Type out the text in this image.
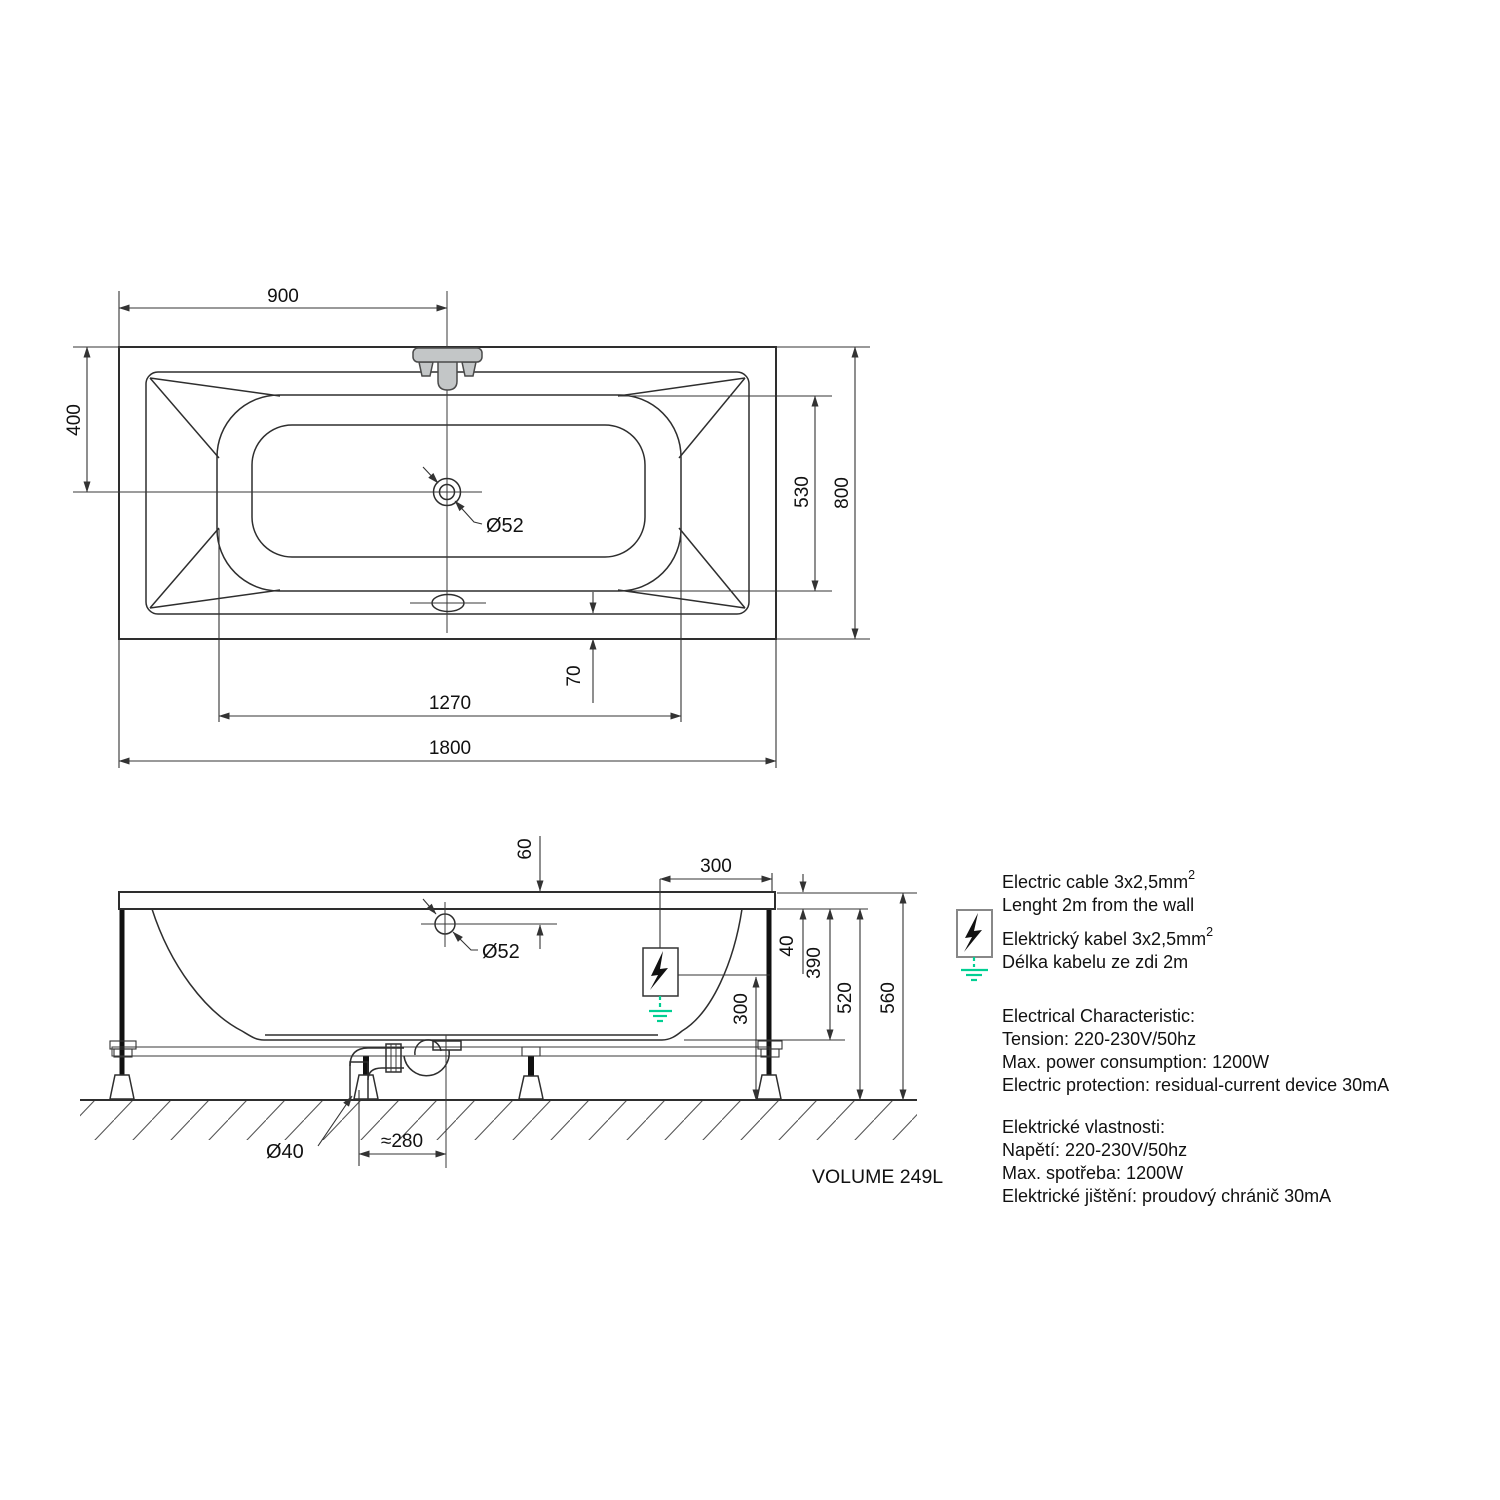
Ø52
900
400
530 800
70
1270
1800
Ø52
60
300
40
390
520 560
300
≈280
Ø40
VOLUME 249L
Electric cable $3x2,5mm^2$
Lenght 2m from the wall
Elektrický kabel $3x2,5mm^2$
Délka kabelu ze zdi 2m
Electrical Characteristic:
Tension: 220-230V/50hz
Max. power consumption: 1200W
Electric protection: residual-current device 30mA
Elektrické vlastnosti:
Napětí: 220-230V/50hz
Max. spotřeba: 1200W
Elektrické jištění: proudový chránič 30mA
